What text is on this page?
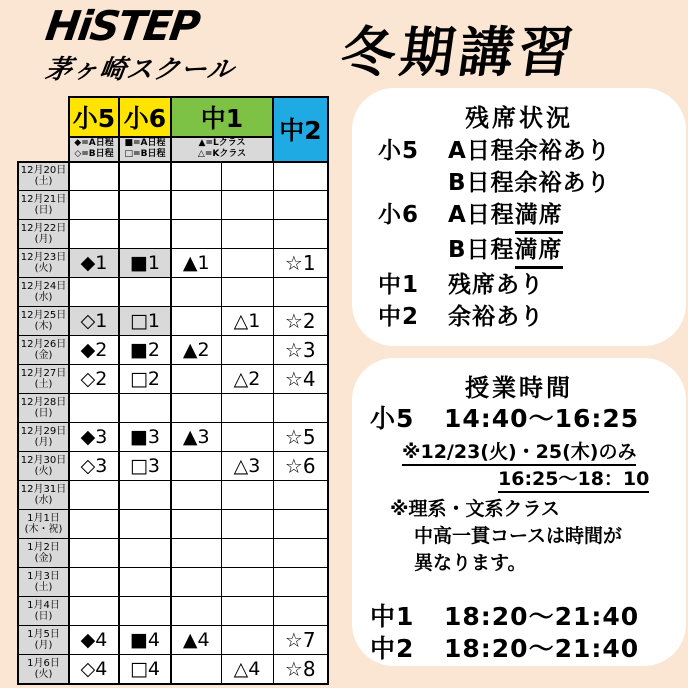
HiSTEP
茅ヶ崎スクール 冬期講習
	小5	小6	中1		中2

◆=A日程
◇=B日程

■=A日程
□=B日程

▲=Lクラス
△=Kクラス

12月20日
(土)					

12月21日
(日)					

12月22日
(月)					

12月23日
(火)	◆1	■1	▲1		☆1

12月24日
(水)					

12月25日
(木)	◇1	□1		△1	☆2

12月26日
(金)	◆2	■2	▲2		☆3

12月27日
(土)	◇2	□2		△2	☆4

12月28日
(日)					

12月29日
(月)	◆3	■3	▲3		☆5

12月30日
(火)	◇3	□3		△3	☆6

12月31日
(水)					

1月1日
(木・祝)					

1月2日
(金)					

1月3日
(土)					

1月4日
(日)					

1月5日
(月)	◆4	■4	▲4		☆7

1月6日
(火)	◇4	□4		△4	☆8
残席状況
小5	A日程余裕あり
B日程余裕あり
小6	A日程 満席
B日程 満席
中1	残席あり
中2	余裕あり
授業時間
小5	14:40〜16:25
※12/23(火)・25(木)のみ
16:25〜18：10
※理系・文系クラス
中高一貫コースは時間が
異なります。
中1	18:20〜21:40
中2	18:20〜21:40
